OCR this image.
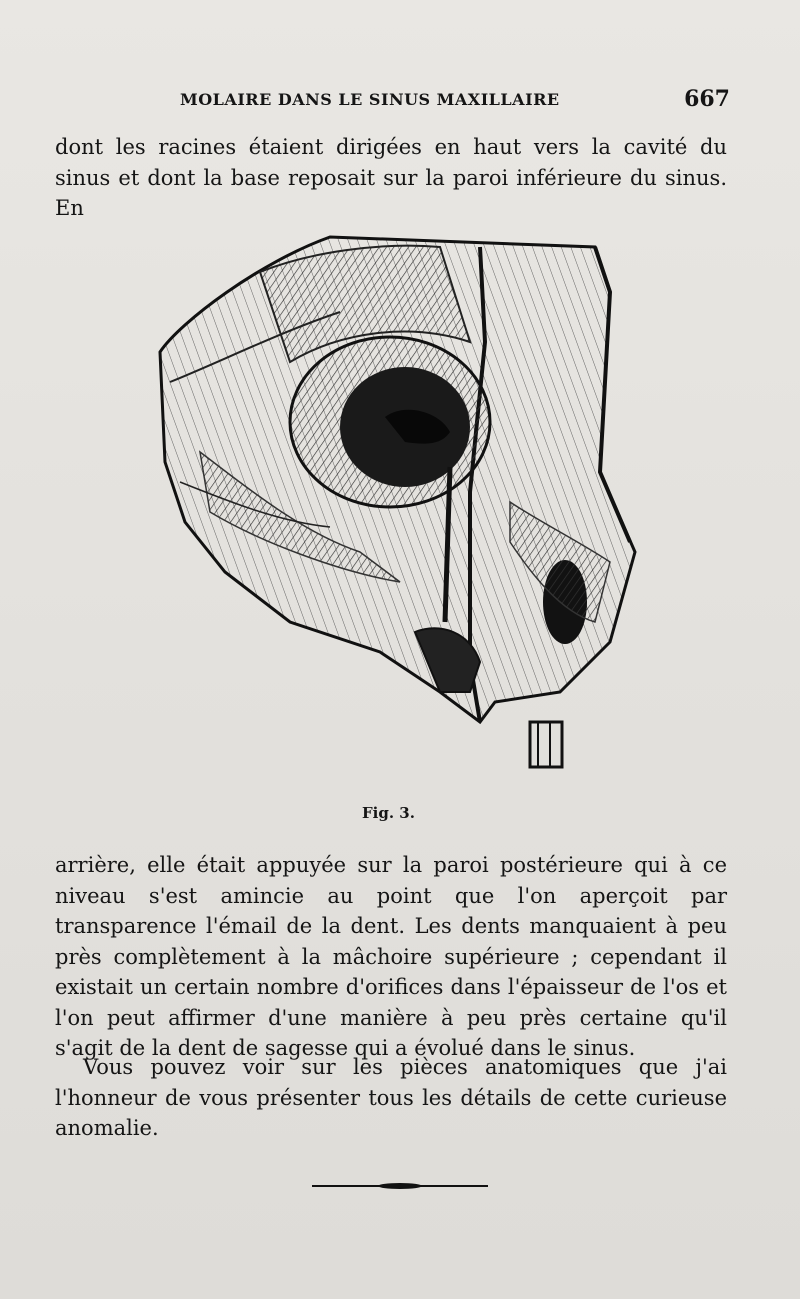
MOLAIRE DANS LE SINUS MAXILLAIRE	667

dont les racines étaient dirigées en haut vers la cavité du sinus et dont la base reposait sur la paroi inférieure du sinus. En

Fig. 3.

arrière, elle était appuyée sur la paroi postérieure qui à ce niveau s'est amincie au point que l'on aperçoit par transparence l'émail de la dent. Les dents manquaient à peu près complètement à la mâchoire supérieure ; cependant il existait un certain nombre d'orifices dans l'épaisseur de l'os et l'on peut affirmer d'une manière à peu près certaine qu'il s'agit de la dent de sagesse qui a évolué dans le sinus.

Vous pouvez voir sur les pièces anatomiques que j'ai l'honneur de vous présenter tous les détails de cette curieuse anomalie.
